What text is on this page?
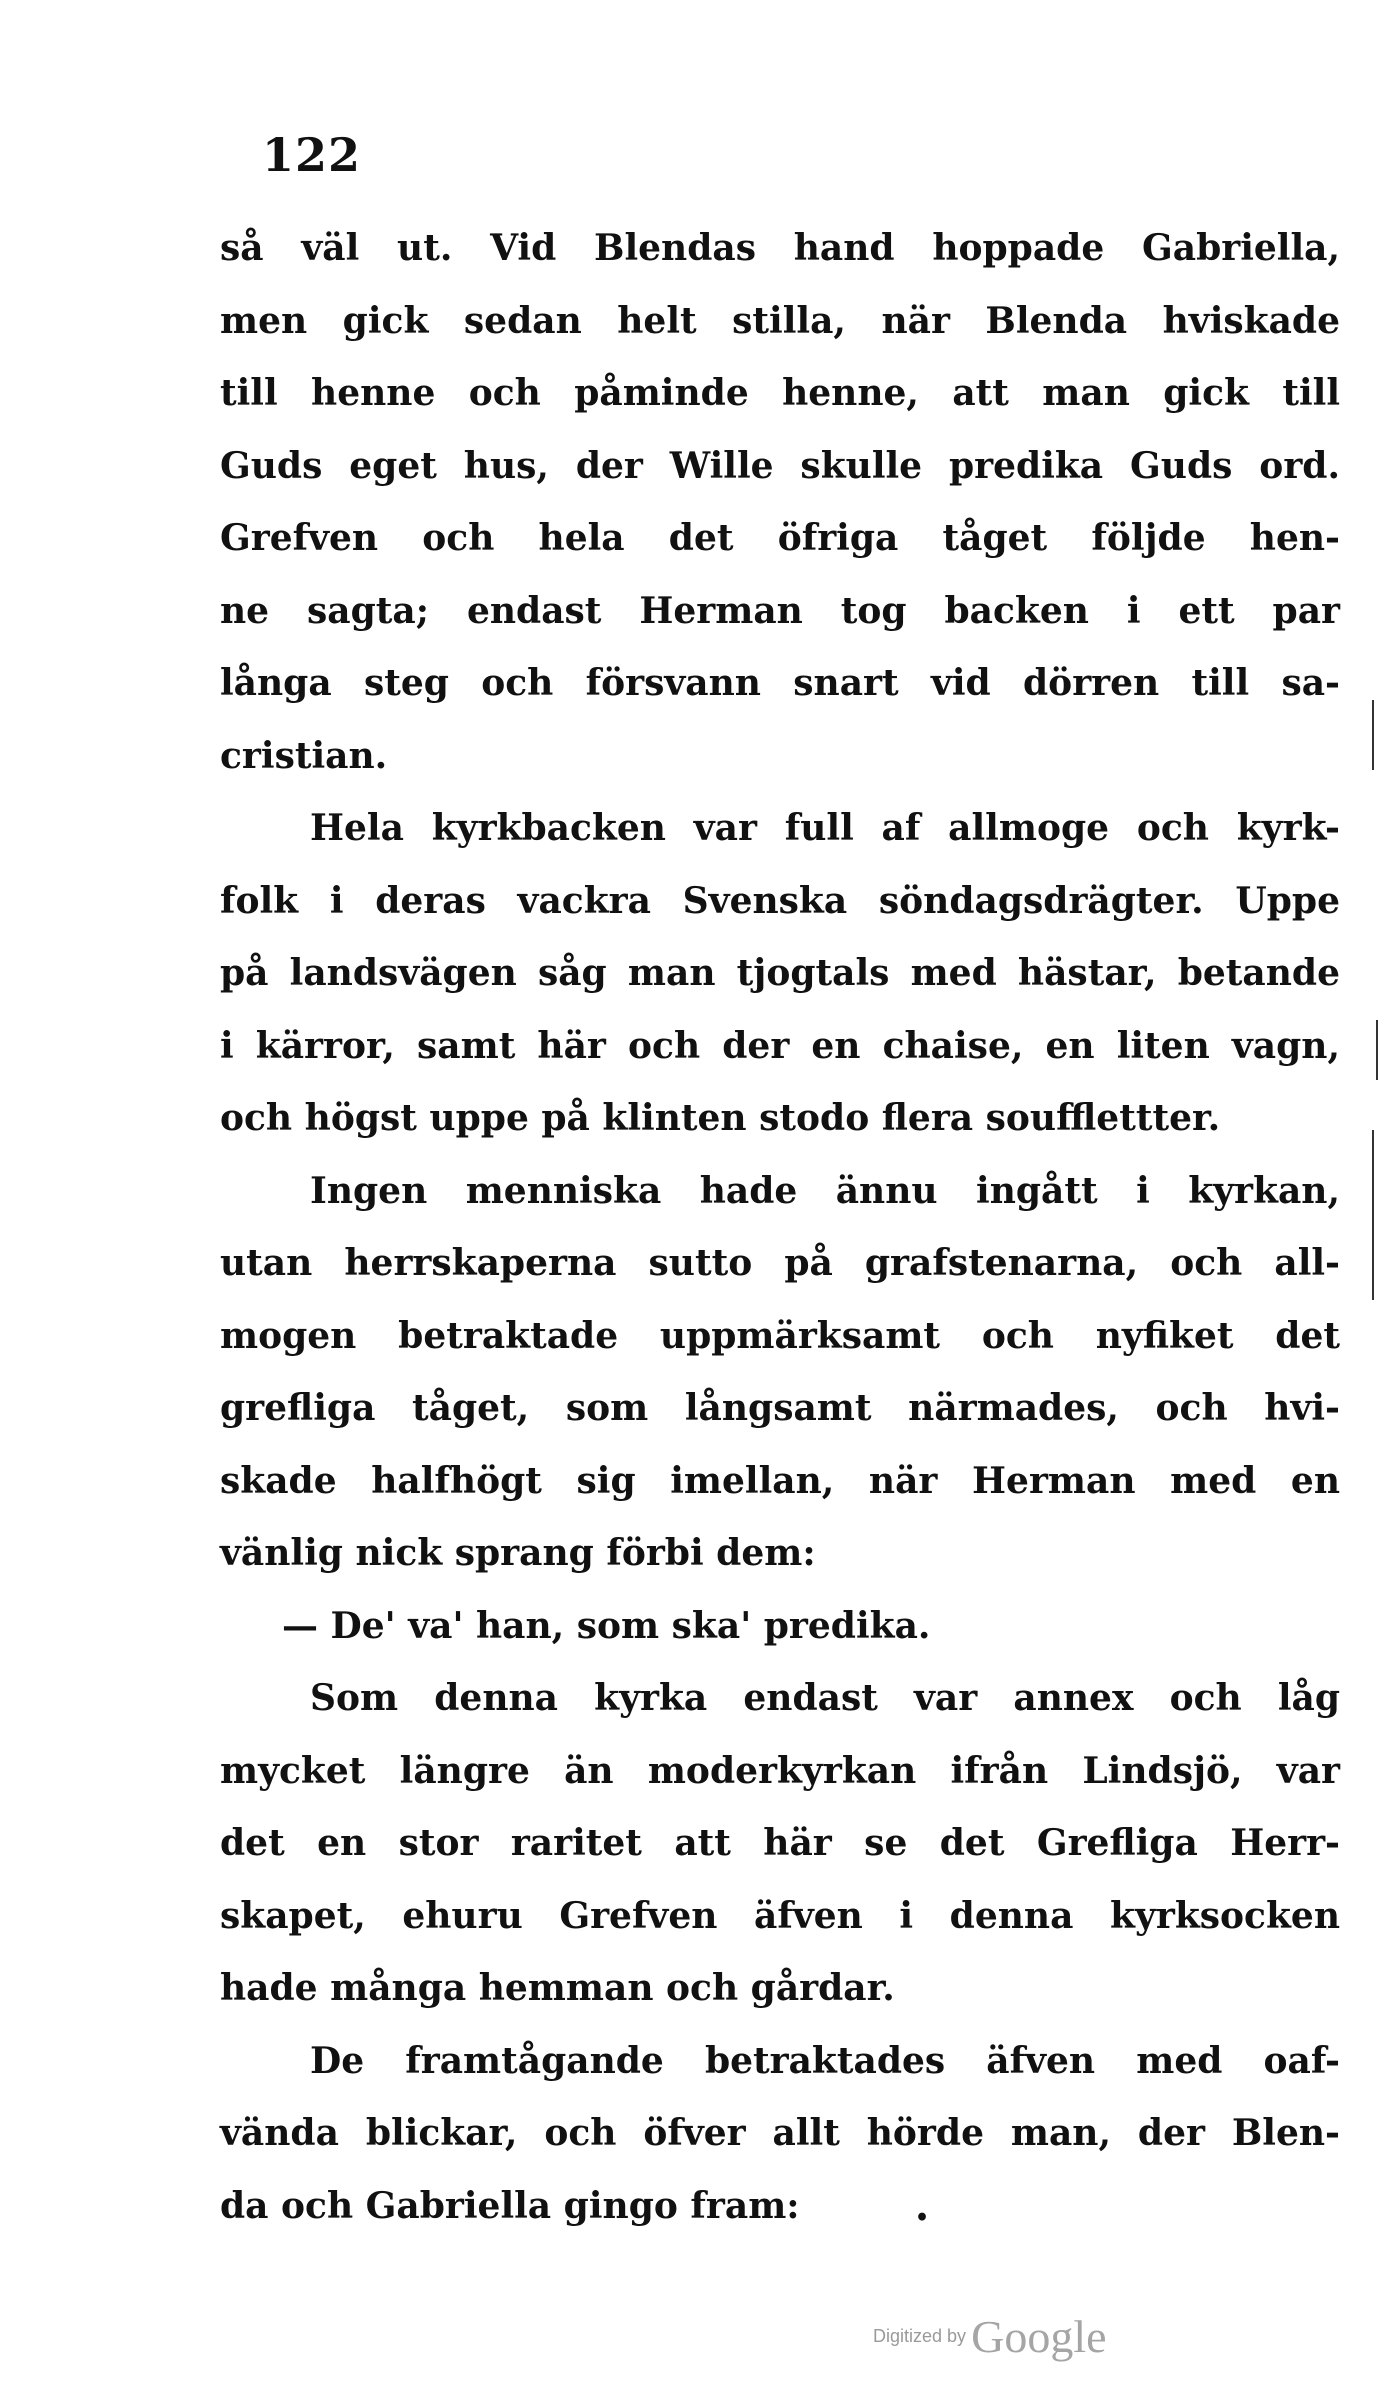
122
så väl ut. Vid Blendas hand hoppade Gabriella,
men gick sedan helt stilla, när Blenda hviskade
till henne och påminde henne, att man gick till
Guds eget hus, der Wille skulle predika Guds ord.
Grefven och hela det öfriga tåget följde hen-
ne sagta; endast Herman tog backen i ett par
långa steg och försvann snart vid dörren till sa-
cristian.
Hela kyrkbacken var full af allmoge och kyrk-
folk i deras vackra Svenska söndagsdrägter. Uppe
på landsvägen såg man tjogtals med hästar, betande
i kärror, samt här och der en chaise, en liten vagn,
och högst uppe på klinten stodo flera soufflettter.
Ingen menniska hade ännu ingått i kyrkan,
utan herrskaperna sutto på grafstenarna, och all-
mogen betraktade uppmärksamt och nyfiket det
grefliga tåget, som långsamt närmades, och hvi-
skade halfhögt sig imellan, när Herman med en
vänlig nick sprang förbi dem:
— De' va' han, som ska' predika.
Som denna kyrka endast var annex och låg
mycket längre än moderkyrkan ifrån Lindsjö, var
det en stor raritet att här se det Grefliga Herr-
skapet, ehuru Grefven äfven i denna kyrksocken
hade många hemman och gårdar.
De framtågande betraktades äfven med oaf-
vända blickar, och öfver allt hörde man, der Blen-
da och Gabriella gingo fram:	•
Digitized by Google
